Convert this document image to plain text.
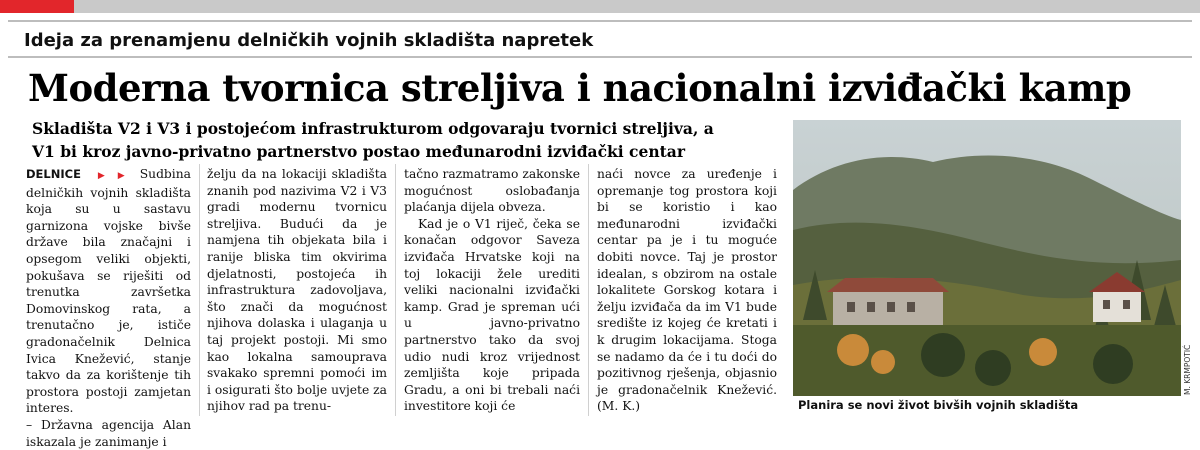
Ideja za prenamjenu delničkih vojnih skladišta napretek
Moderna tvornica streljiva i nacionalni izviđački kamp
Skladišta V2 i V3 i postojećom infrastrukturom odgovaraju tvornici streljiva, a
V1 bi kroz javno-privatno partnerstvo postao međunarodni izviđački centar

DELNICE ▶▶ Sudbina delničkih vojnih skladišta koja su u sastavu garnizona vojske bivše države bila značajni i opsegom veliki objekti, pokušava se riješiti od trenutka završetka Domovinskog rata, a trenutačno je, ističe gradonačelnik Delnica Ivica Knežević, stanje takvo da za korištenje tih prostora postoji zamjetan interes.

– Državna agencija Alan iskazala je zanimanje i

želju da na lokaciji skladišta znanih pod nazivima V2 i V3 gradi modernu tvornicu streljiva. Budući da je namjena tih objekata bila i ranije bliska tim okvirima djelatnosti, postojeća ih infrastruktura zadovoljava, što znači da mogućnost njihova dolaska i ulaganja u taj projekt postoji. Mi smo kao lokalna samouprava svakako spremni pomoći im i osigurati što bolje uvjete za njihov rad pa trenu-

tačno razmatramo zakonske mogućnost oslobađanja plaćanja dijela obveza.

Kad je o V1 riječ, čeka se konačan odgovor Saveza izviđača Hrvatske koji na toj lokaciji žele urediti veliki nacionalni izviđački kamp. Grad je spreman ući u javno-privatno partnerstvo tako da svoj udio nudi kroz vrijednost zemljišta koje pripada Gradu, a oni bi trebali naći investitore koji će

naći novce za uređenje i opremanje tog prostora koji bi se koristio i kao međunarodni izviđački centar pa je i tu moguće dobiti novce. Taj je prostor idealan, s obzirom na ostale lokalitete Gorskog kotara i želju izviđača da im V1 bude središte iz kojeg će kretati i k drugim lokacijama. Stoga se nadamo da će i tu doći do pozitivnog rješenja, objasnio je gradonačelnik Knežević. (M. K.)

M. KRMPOTIĆ
Planira se novi život bivših vojnih skladišta
